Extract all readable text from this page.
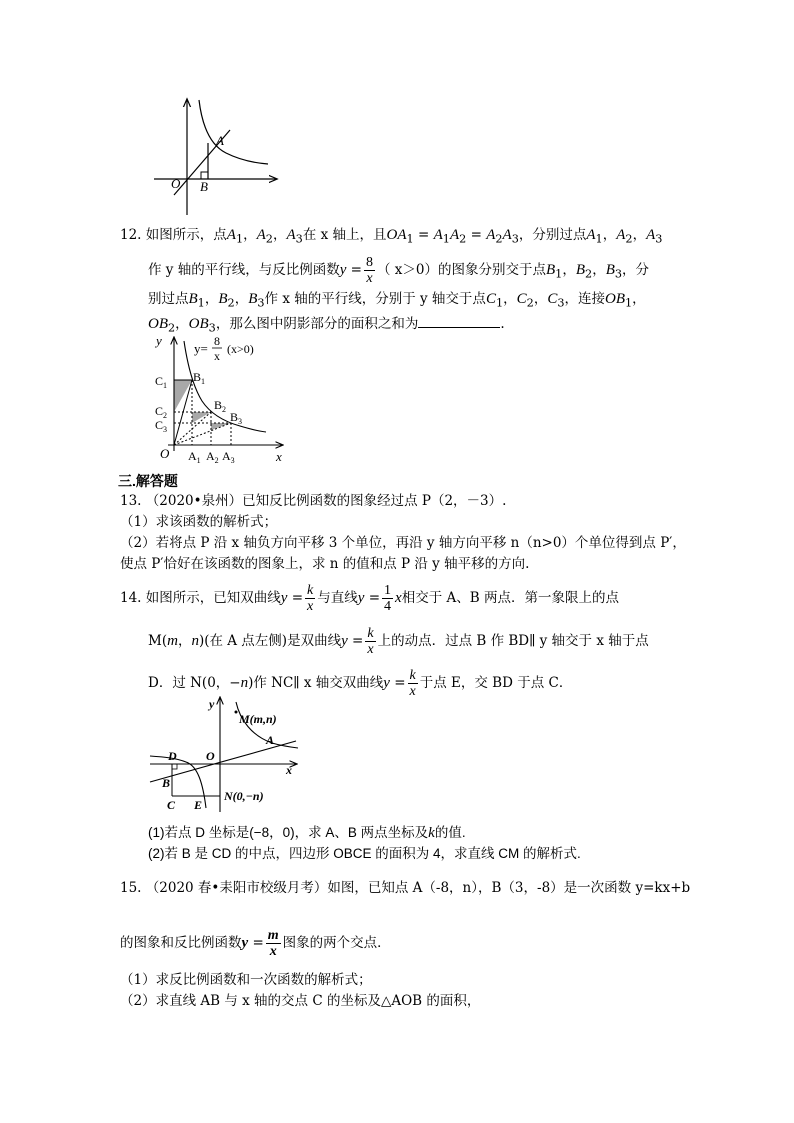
A
O B
12. 如图所示，点$A_1$，$A_2$，$A_3$在 x 轴上，且$OA_1 = A_1A_2 = A_2A_3$，分别过点$A_1$，$A_2$，$A_3$
作 y 轴的平行线，与反比例函数$y = \frac{8}{x}$ （ x＞0）的图象分别交于点$B_1$，$B_2$，$B_3$，分
别过点$B_1$，$B_2$，$B_3$作 x 轴的平行线，分别于 y 轴交于点$C_1$，$C_2$，$C_3$，连接$OB_1$，
$OB_2$，$OB_3$，那么图中阴影部分的面积之和为	.
y
x
O
y= 8
x (x>0)
$B_1$
$B_2$
$B_3$
$C_1$
$C_2$
$C_3$
$A_1$ $A_2$ $A_3$
三.解答题
13. （2020•泉州）已知反比例函数的图象经过点 P（2，－3）.
（1）求该函数的解析式；
（2）若将点 P 沿 x 轴负方向平移 3 个单位，再沿 y 轴方向平移 n（n>0）个单位得到点 P′，
使点 P′恰好在该函数的图象上，求 n 的值和点 P 沿 y 轴平移的方向.
14. 如图所示，已知双曲线$y = \frac{k}{x}$ 与直线$y = \frac{1}{4}$ x相交于 A、B 两点．第一象限上的点
M(m，n)(在 A 点左侧)是双曲线$y = \frac{k}{x}$ 上的动点．过点 B 作 BD∥ y 轴交于 x 轴于点
D．过 N(0，−n)作 NC∥ x 轴交双曲线$y = \frac{k}{x}$ 于点 E，交 BD 于点 C．
y
x
M(m,n)
A
D O
B
C E
N(0,−n)
(1)若点 D 坐标是(−8，0)，求 A、B 两点坐标及k的值.
(2)若 B 是 CD 的中点，四边形 OBCE 的面积为 4，求直线 CM 的解析式.
15. （2020 春•耒阳市校级月考）如图，已知点 A（-8，n），B（3，-8）是一次函数 y=kx+b
的图象和反比例函数$y = \frac{m}{x}$ 图象的两个交点．
（1）求反比例函数和一次函数的解析式；
（2）求直线 AB 与 x 轴的交点 C 的坐标及△AOB 的面积，
